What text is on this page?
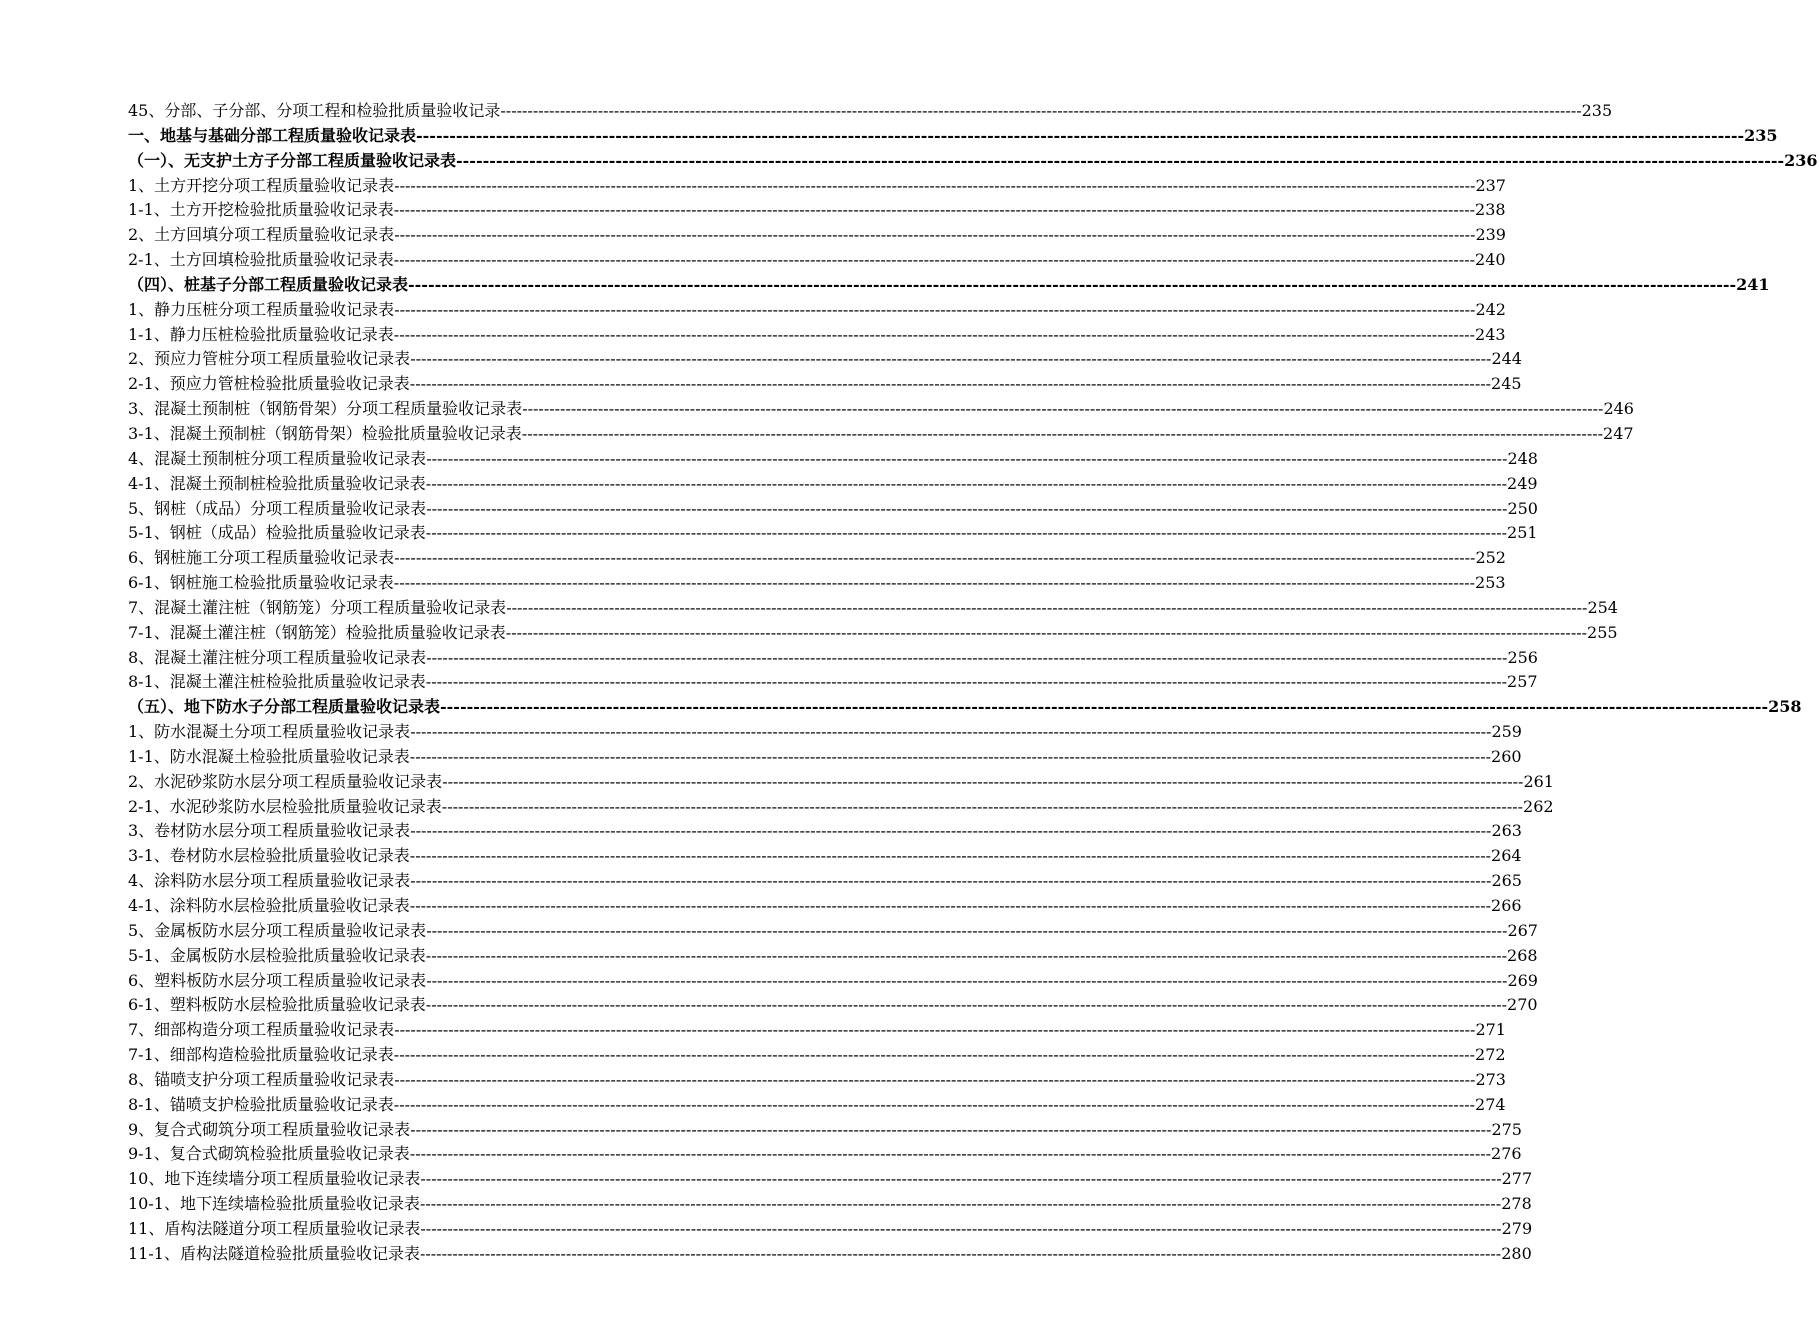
45、分部、子分部、分项工程和检验批质量验收记录 -------------------------------------------------------------------------------------------------------------------------------------------------------------------------------------------------------- 235
一、地基与基础分部工程质量验收记录表 -------------------------------------------------------------------------------------------------------------------------------------------------------------------------------------------------------- 235
（一）、无支护土方子分部工程质量验收记录表 -------------------------------------------------------------------------------------------------------------------------------------------------------------------------------------------------------- 236
1、土方开挖分项工程质量验收记录表 -------------------------------------------------------------------------------------------------------------------------------------------------------------------------------------------------------- 237
1-1、土方开挖检验批质量验收记录表 -------------------------------------------------------------------------------------------------------------------------------------------------------------------------------------------------------- 238
2、土方回填分项工程质量验收记录表 -------------------------------------------------------------------------------------------------------------------------------------------------------------------------------------------------------- 239
2-1、土方回填检验批质量验收记录表 -------------------------------------------------------------------------------------------------------------------------------------------------------------------------------------------------------- 240
（四）、桩基子分部工程质量验收记录表 -------------------------------------------------------------------------------------------------------------------------------------------------------------------------------------------------------- 241
1、静力压桩分项工程质量验收记录表 -------------------------------------------------------------------------------------------------------------------------------------------------------------------------------------------------------- 242
1-1、静力压桩检验批质量验收记录表 -------------------------------------------------------------------------------------------------------------------------------------------------------------------------------------------------------- 243
2、预应力管桩分项工程质量验收记录表 -------------------------------------------------------------------------------------------------------------------------------------------------------------------------------------------------------- 244
2-1、预应力管桩检验批质量验收记录表 -------------------------------------------------------------------------------------------------------------------------------------------------------------------------------------------------------- 245
3、混凝土预制桩（钢筋骨架）分项工程质量验收记录表 -------------------------------------------------------------------------------------------------------------------------------------------------------------------------------------------------------- 246
3-1、混凝土预制桩（钢筋骨架）检验批质量验收记录表 -------------------------------------------------------------------------------------------------------------------------------------------------------------------------------------------------------- 247
4、混凝土预制桩分项工程质量验收记录表 -------------------------------------------------------------------------------------------------------------------------------------------------------------------------------------------------------- 248
4-1、混凝土预制桩检验批质量验收记录表 -------------------------------------------------------------------------------------------------------------------------------------------------------------------------------------------------------- 249
5、钢桩（成品）分项工程质量验收记录表 -------------------------------------------------------------------------------------------------------------------------------------------------------------------------------------------------------- 250
5-1、钢桩（成品）检验批质量验收记录表 -------------------------------------------------------------------------------------------------------------------------------------------------------------------------------------------------------- 251
6、钢桩施工分项工程质量验收记录表 -------------------------------------------------------------------------------------------------------------------------------------------------------------------------------------------------------- 252
6-1、钢桩施工检验批质量验收记录表 -------------------------------------------------------------------------------------------------------------------------------------------------------------------------------------------------------- 253
7、混凝土灌注桩（钢筋笼）分项工程质量验收记录表 -------------------------------------------------------------------------------------------------------------------------------------------------------------------------------------------------------- 254
7-1、混凝土灌注桩（钢筋笼）检验批质量验收记录表 -------------------------------------------------------------------------------------------------------------------------------------------------------------------------------------------------------- 255
8、混凝土灌注桩分项工程质量验收记录表 -------------------------------------------------------------------------------------------------------------------------------------------------------------------------------------------------------- 256
8-1、混凝土灌注桩检验批质量验收记录表 -------------------------------------------------------------------------------------------------------------------------------------------------------------------------------------------------------- 257
（五）、地下防水子分部工程质量验收记录表 -------------------------------------------------------------------------------------------------------------------------------------------------------------------------------------------------------- 258
1、防水混凝土分项工程质量验收记录表 -------------------------------------------------------------------------------------------------------------------------------------------------------------------------------------------------------- 259
1-1、防水混凝土检验批质量验收记录表 -------------------------------------------------------------------------------------------------------------------------------------------------------------------------------------------------------- 260
2、水泥砂浆防水层分项工程质量验收记录表 -------------------------------------------------------------------------------------------------------------------------------------------------------------------------------------------------------- 261
2-1、水泥砂浆防水层检验批质量验收记录表 -------------------------------------------------------------------------------------------------------------------------------------------------------------------------------------------------------- 262
3、卷材防水层分项工程质量验收记录表 -------------------------------------------------------------------------------------------------------------------------------------------------------------------------------------------------------- 263
3-1、卷材防水层检验批质量验收记录表 -------------------------------------------------------------------------------------------------------------------------------------------------------------------------------------------------------- 264
4、涂料防水层分项工程质量验收记录表 -------------------------------------------------------------------------------------------------------------------------------------------------------------------------------------------------------- 265
4-1、涂料防水层检验批质量验收记录表 -------------------------------------------------------------------------------------------------------------------------------------------------------------------------------------------------------- 266
5、金属板防水层分项工程质量验收记录表 -------------------------------------------------------------------------------------------------------------------------------------------------------------------------------------------------------- 267
5-1、金属板防水层检验批质量验收记录表 -------------------------------------------------------------------------------------------------------------------------------------------------------------------------------------------------------- 268
6、塑料板防水层分项工程质量验收记录表 -------------------------------------------------------------------------------------------------------------------------------------------------------------------------------------------------------- 269
6-1、塑料板防水层检验批质量验收记录表 -------------------------------------------------------------------------------------------------------------------------------------------------------------------------------------------------------- 270
7、细部构造分项工程质量验收记录表 -------------------------------------------------------------------------------------------------------------------------------------------------------------------------------------------------------- 271
7-1、细部构造检验批质量验收记录表 -------------------------------------------------------------------------------------------------------------------------------------------------------------------------------------------------------- 272
8、锚喷支护分项工程质量验收记录表 -------------------------------------------------------------------------------------------------------------------------------------------------------------------------------------------------------- 273
8-1、锚喷支护检验批质量验收记录表 -------------------------------------------------------------------------------------------------------------------------------------------------------------------------------------------------------- 274
9、复合式砌筑分项工程质量验收记录表 -------------------------------------------------------------------------------------------------------------------------------------------------------------------------------------------------------- 275
9-1、复合式砌筑检验批质量验收记录表 -------------------------------------------------------------------------------------------------------------------------------------------------------------------------------------------------------- 276
10、地下连续墙分项工程质量验收记录表 -------------------------------------------------------------------------------------------------------------------------------------------------------------------------------------------------------- 277
10-1、地下连续墙检验批质量验收记录表 -------------------------------------------------------------------------------------------------------------------------------------------------------------------------------------------------------- 278
11、盾构法隧道分项工程质量验收记录表 -------------------------------------------------------------------------------------------------------------------------------------------------------------------------------------------------------- 279
11-1、盾构法隧道检验批质量验收记录表 -------------------------------------------------------------------------------------------------------------------------------------------------------------------------------------------------------- 280
